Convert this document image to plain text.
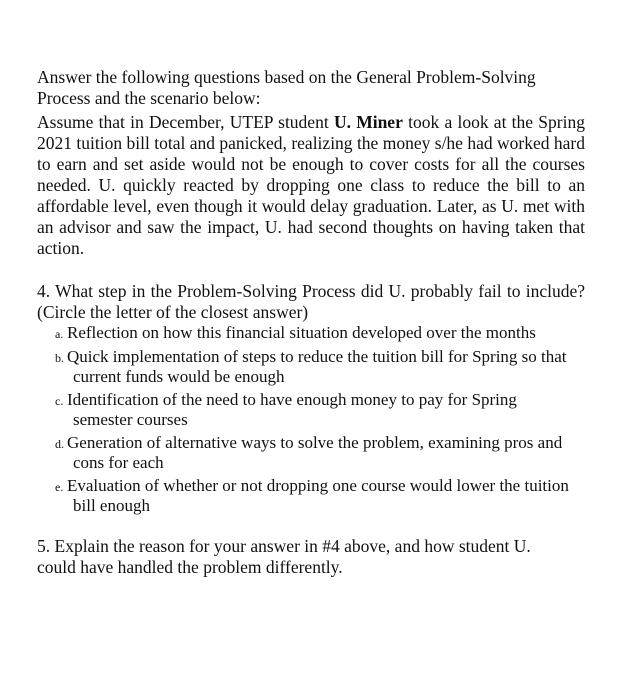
Answer the following questions based on the General Problem-Solving
Process and the scenario below:

Assume that in December, UTEP student U. Miner took a look at the Spring 2021 tuition bill total and panicked, realizing the money s/he had worked hard to earn and set aside would not be enough to cover costs for all the courses needed. U. quickly reacted by dropping one class to reduce the bill to an affordable level, even though it would delay graduation. Later, as U. met with an advisor and saw the impact, U. had second thoughts on having taken that action.

4. What step in the Problem-Solving Process did U. probably fail to include? (Circle the letter of the closest answer)

a. Reflection on how this financial situation developed over the months
b. Quick implementation of steps to reduce the tuition bill for Spring so that
current funds would be enough
c. Identification of the need to have enough money to pay for Spring
semester courses
d. Generation of alternative ways to solve the problem, examining pros and
cons for each
e. Evaluation of whether or not dropping one course would lower the tuition
bill enough

5. Explain the reason for your answer in #4 above, and how student U.
could have handled the problem differently.
